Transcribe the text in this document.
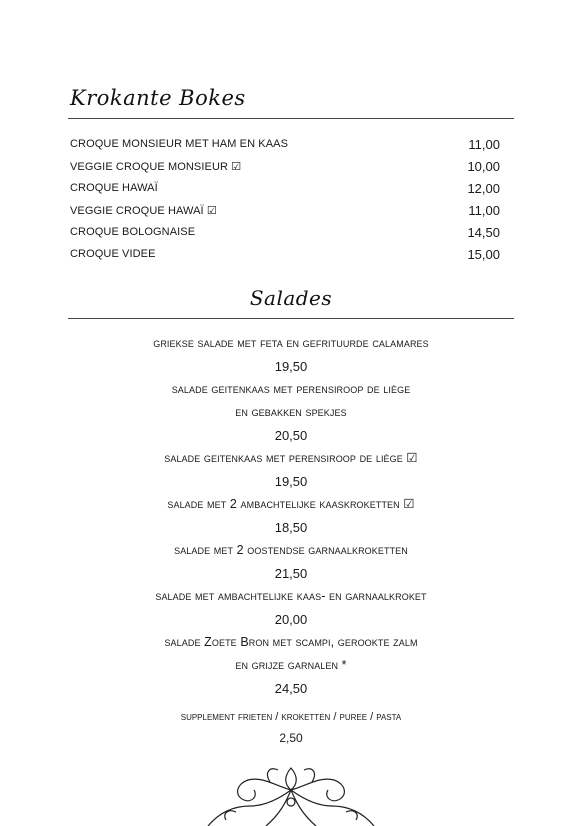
Krokante Bokes
CROQUE MONSIEUR MET HAM EN KAAS	11,00
VEGGIE CROQUE MONSIEUR ☑	10,00
CROQUE HAWAÏ	12,00
VEGGIE CROQUE HAWAÏ ☑	11,00
CROQUE BOLOGNAISE	14,50
CROQUE VIDEE	15,00
Salades
griekse salade met feta en gefrituurde calamares
19,50
salade geitenkaas met perensiroop de liège
en gebakken spekjes
20,50
salade geitenkaas met perensiroop de liège ☑
19,50
salade met 2 ambachtelijke kaaskroketten ☑
18,50
salade met 2 oostendse garnaalkroketten
21,50
salade met ambachtelijke kaas- en garnaalkroket
20,00
salade Zoete Bron met scampi, gerookte zalm
en grijze garnalen *
24,50
supplement frieten / kroketten / puree / pasta
2,50
